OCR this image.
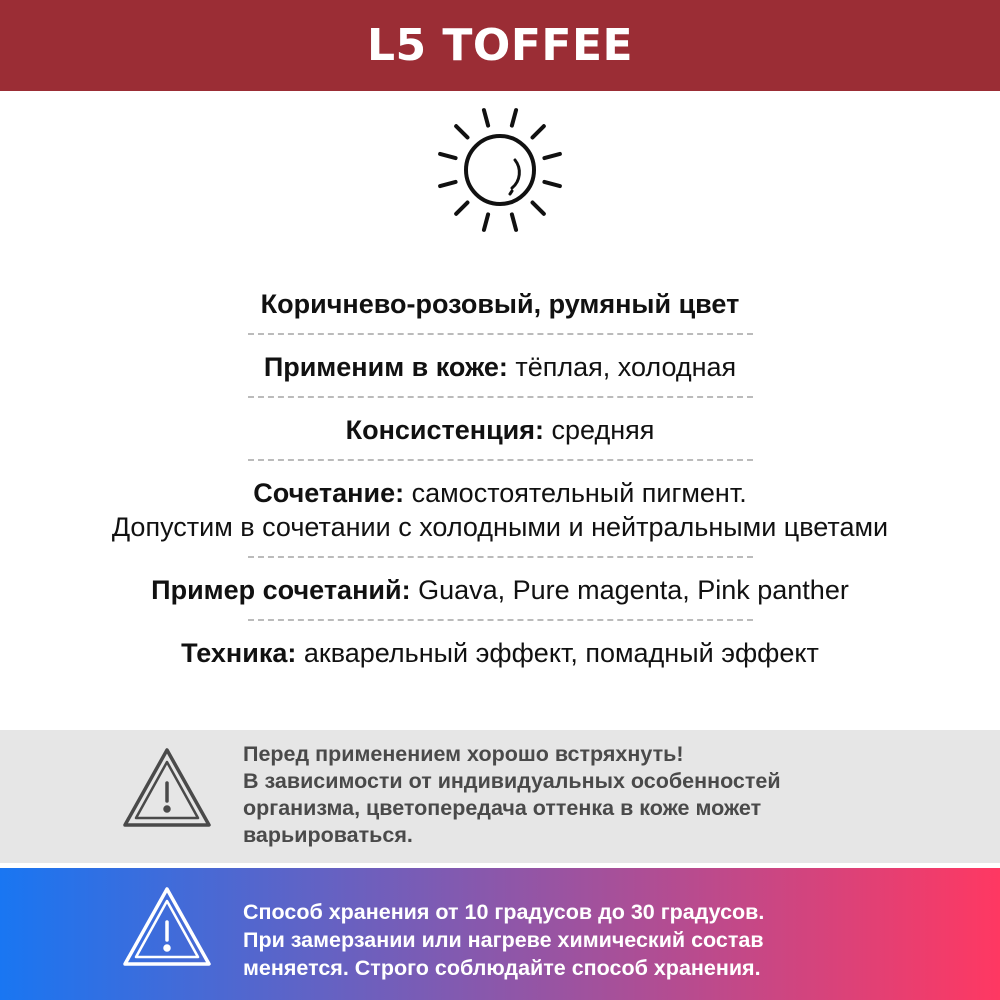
L5 TOFFEE
Коричнево-розовый, румяный цвет
Применим в коже: тёплая, холодная
Консистенция: средняя
Сочетание: самостоятельный пигмент.
Допустим в сочетании с холодными и нейтральными цветами
Пример сочетаний: Guava, Pure magenta, Pink panther
Техника: акварельный эффект, помадный эффект
Перед применением хорошо встряхнуть!
В зависимости от индивидуальных особенностей
организма, цветопередача оттенка в коже может
варьироваться.
Способ хранения от 10 градусов до 30 градусов.
При замерзании или нагреве химический состав
меняется. Строго соблюдайте способ хранения.
